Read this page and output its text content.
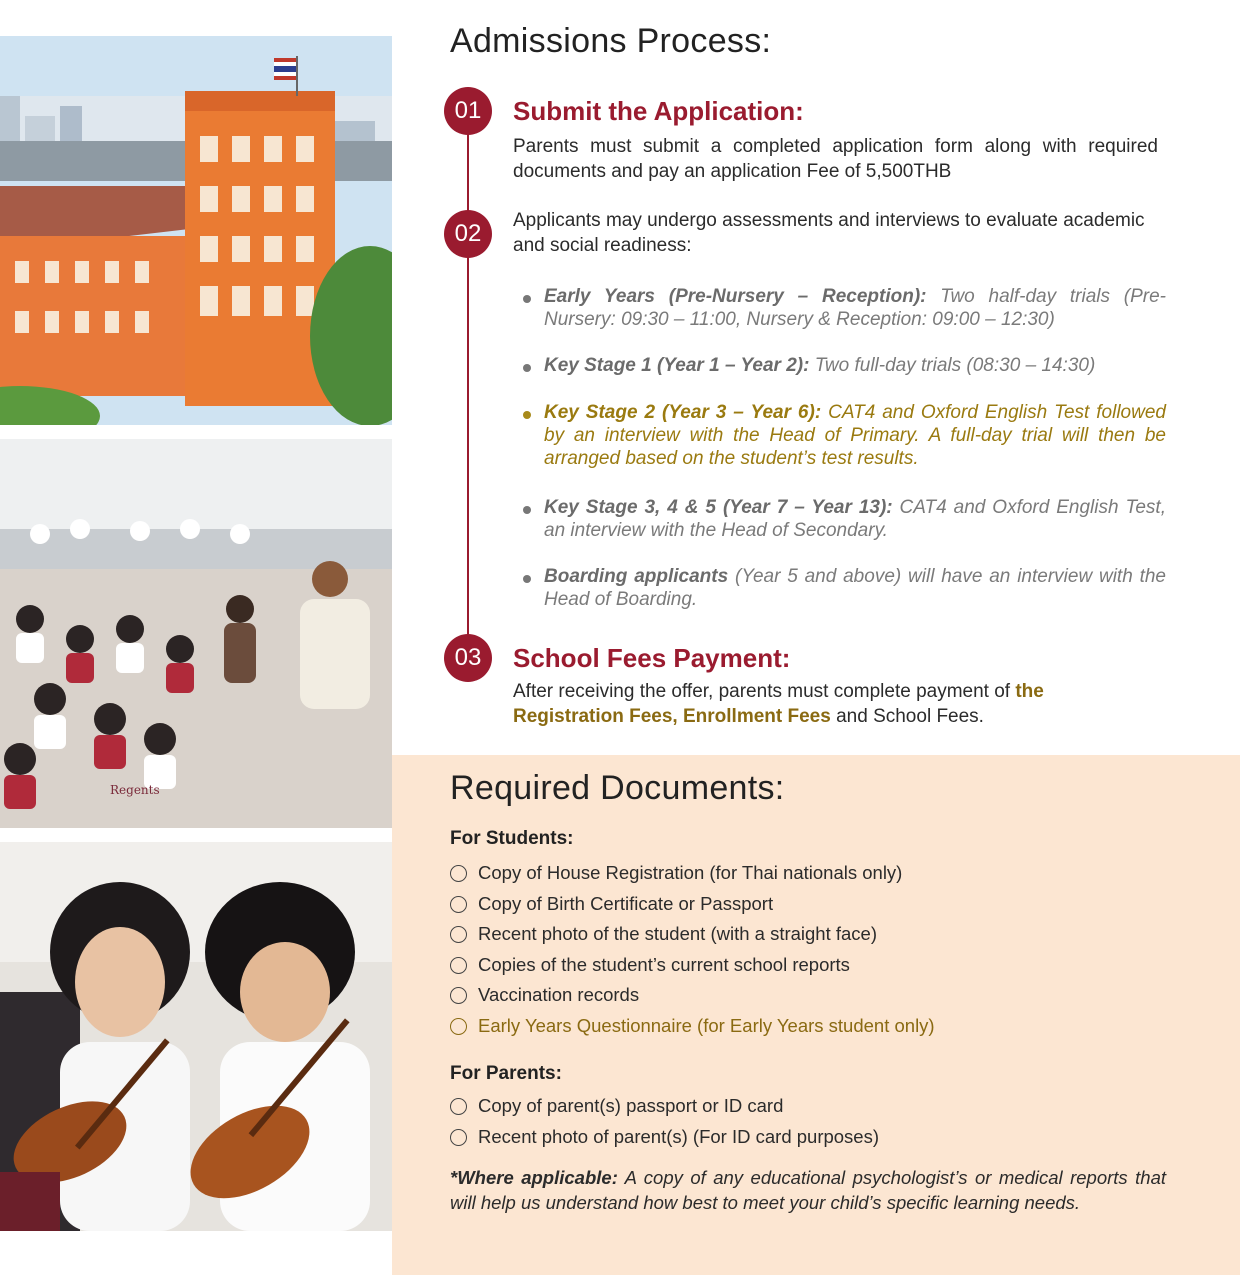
Regents
Admissions Process:
01	Submit the Application:

Parents must submit a completed application form along with required documents and pay an application Fee of 5,500THB

02	Applicants may undergo assessments and interviews to evaluate academic and social readiness:

Early Years (Pre-Nursery – Reception): Two half-day trials (Pre-Nursery: 09:30 – 11:00, Nursery & Reception: 09:00 – 12:30)

Key Stage 1 (Year 1 – Year 2): Two full-day trials (08:30 – 14:30)

Key Stage 2 (Year 3 – Year 6): CAT4 and Oxford English Test followed by an interview with the Head of Primary. A full-day trial will then be arranged based on the student’s test results.

Key Stage 3, 4 & 5 (Year 7 – Year 13): CAT4 and Oxford English Test, an interview with the Head of Secondary.

Boarding applicants (Year 5 and above) will have an interview with the Head of Boarding.

03	School Fees Payment:

After receiving the offer, parents must complete payment of the Registration Fees, Enrollment Fees and School Fees.

Required Documents:
For Students:
Copy of House Registration (for Thai nationals only)
Copy of Birth Certificate or Passport
Recent photo of the student (with a straight face)
Copies of the student’s current school reports
Vaccination records
Early Years Questionnaire (for Early Years student only)
For Parents:
Copy of parent(s) passport or ID card
Recent photo of parent(s) (For ID card purposes)

*Where applicable: A copy of any educational psychologist’s or medical reports that will help us understand how best to meet your child’s specific learning needs.
